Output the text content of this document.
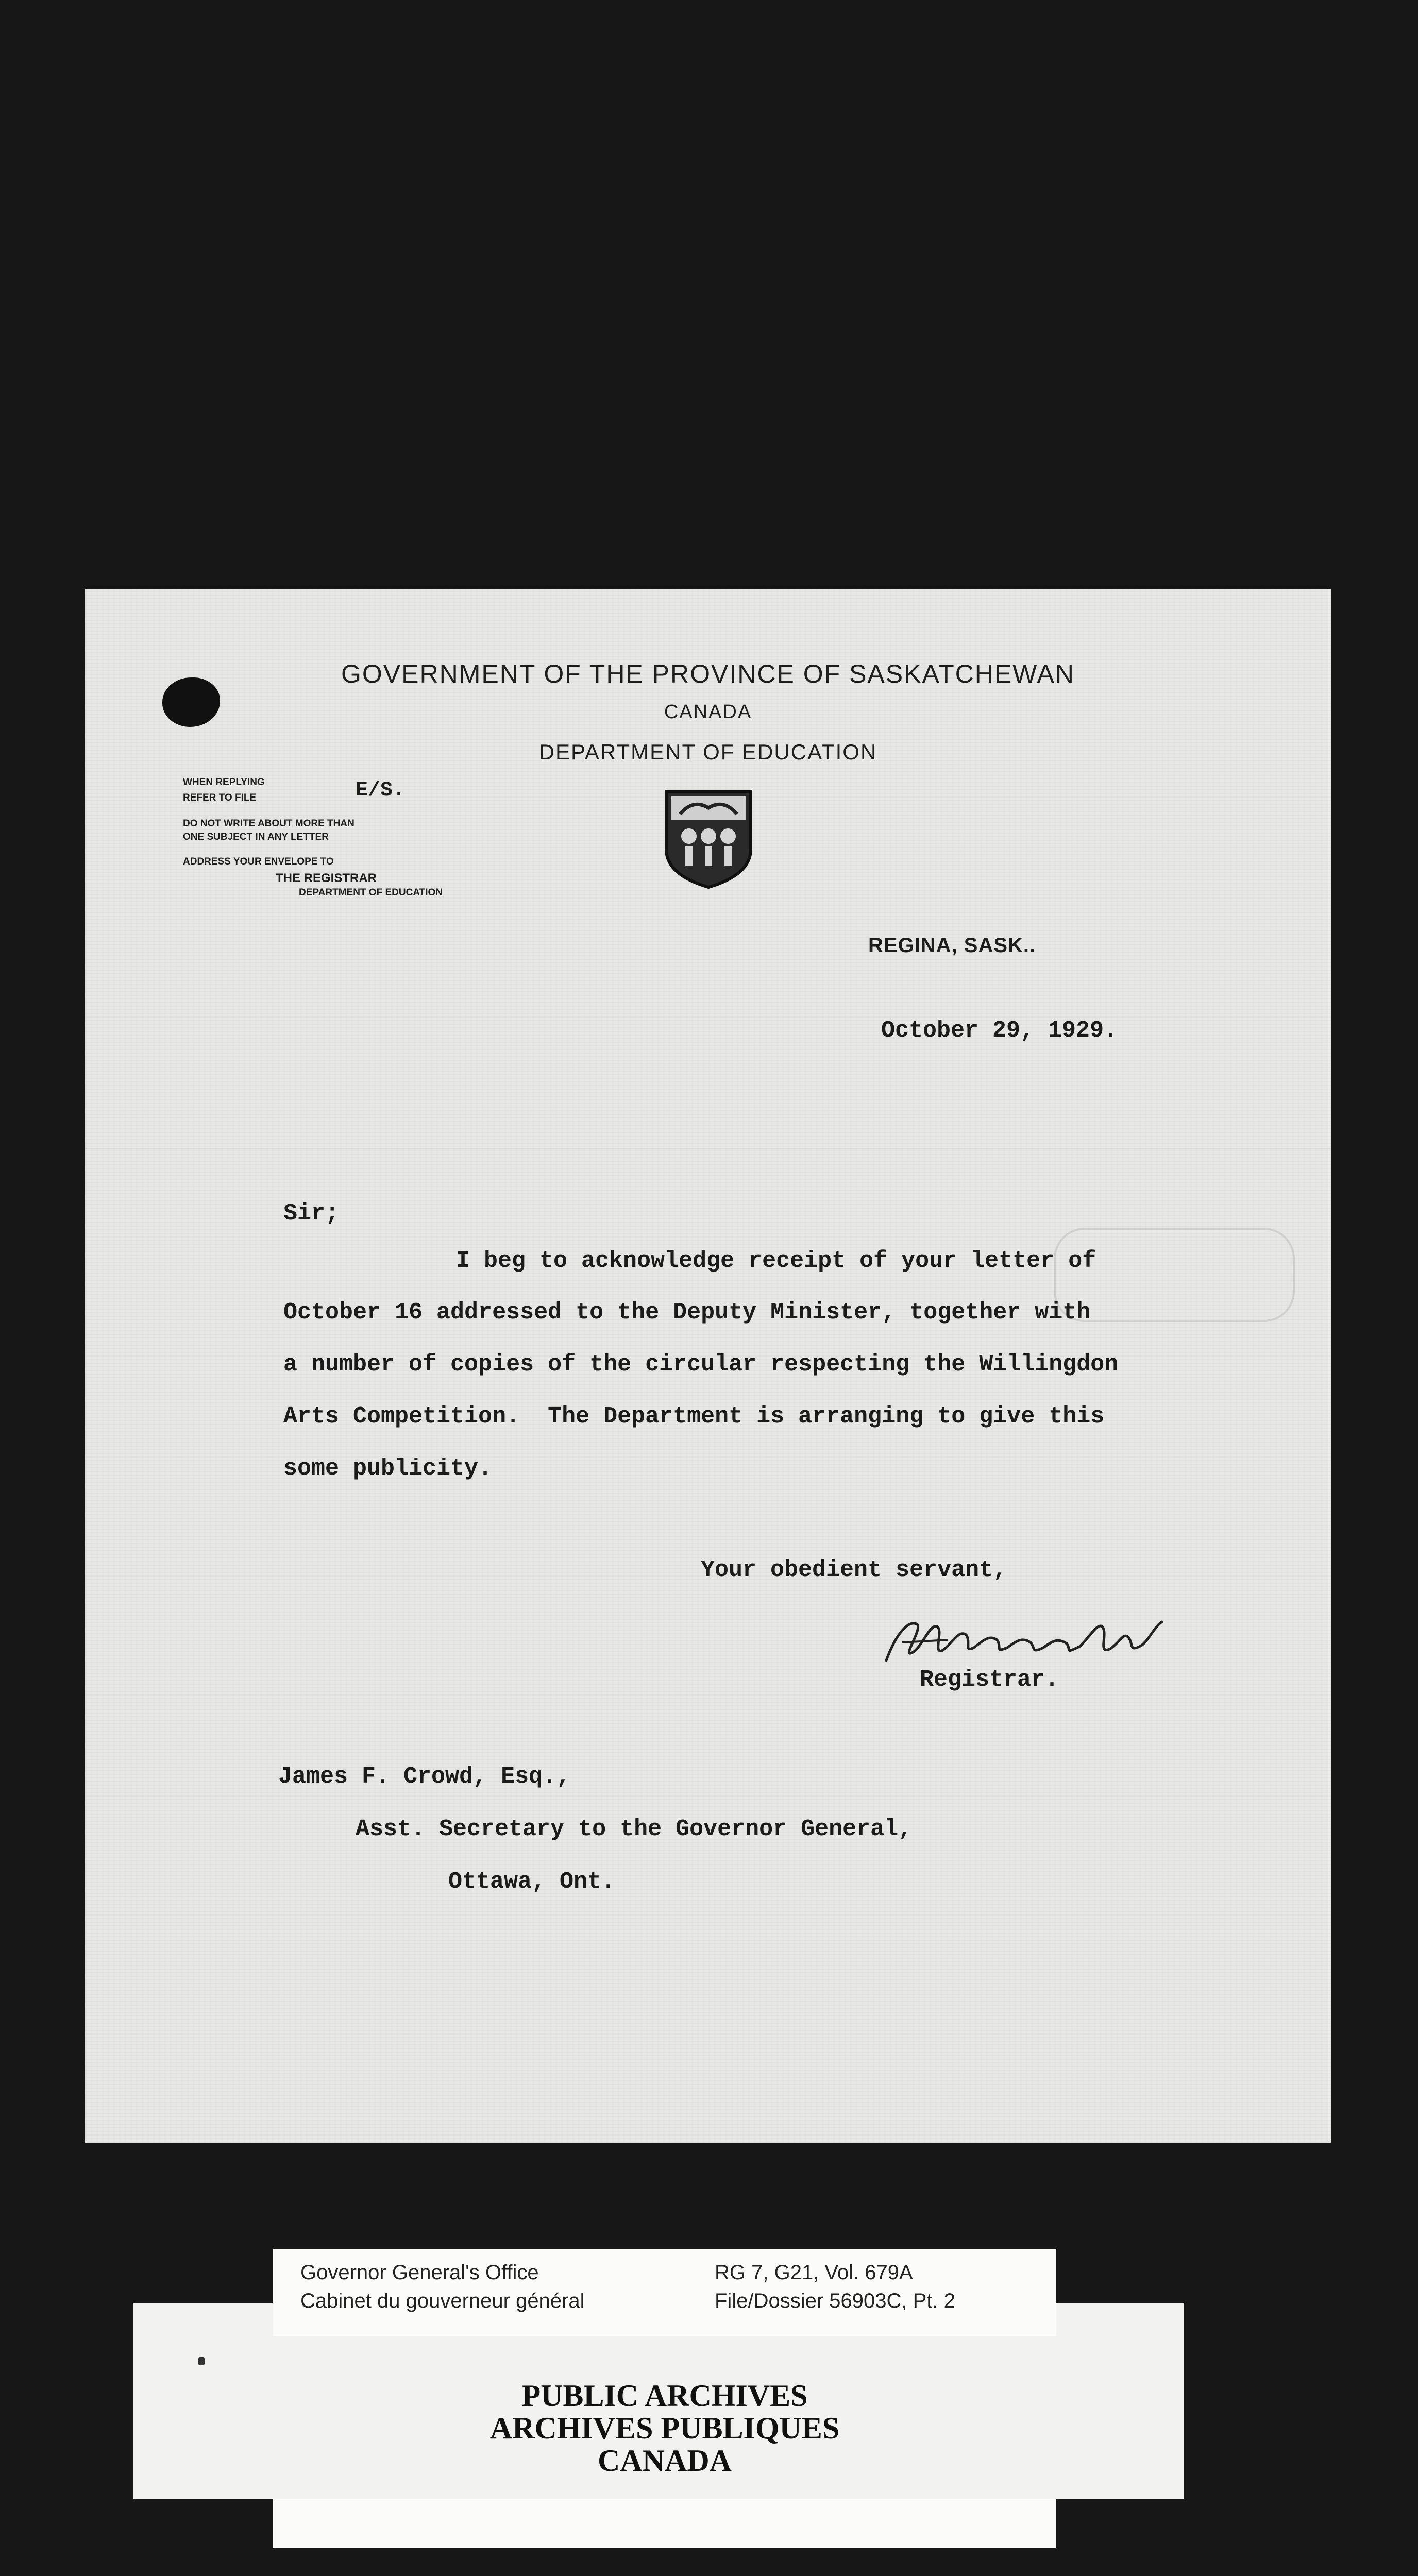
GOVERNMENT OF THE PROVINCE OF SASKATCHEWAN
CANADA
DEPARTMENT OF EDUCATION
WHEN REPLYING
REFER TO FILE	E/S.
DO NOT WRITE ABOUT MORE THAN
ONE SUBJECT IN ANY LETTER
ADDRESS YOUR ENVELOPE TO
THE REGISTRAR
DEPARTMENT OF EDUCATION
REGINA, SASK..
October 29, 1929.
Sir;
I beg to acknowledge receipt of your letter of
October 16 addressed to the Deputy Minister, together with
a number of copies of the circular respecting the Willingdon
Arts Competition.  The Department is arranging to give this
some publicity.
Your obedient servant,
Registrar.
James F. Crowd, Esq.,
Asst. Secretary to the Governor General,
Ottawa, Ont.
Governor General's Office
Cabinet du gouverneur général
RG 7, G21, Vol. 679A
File/Dossier 56903C, Pt. 2
PUBLIC ARCHIVES
ARCHIVES PUBLIQUES
CANADA
